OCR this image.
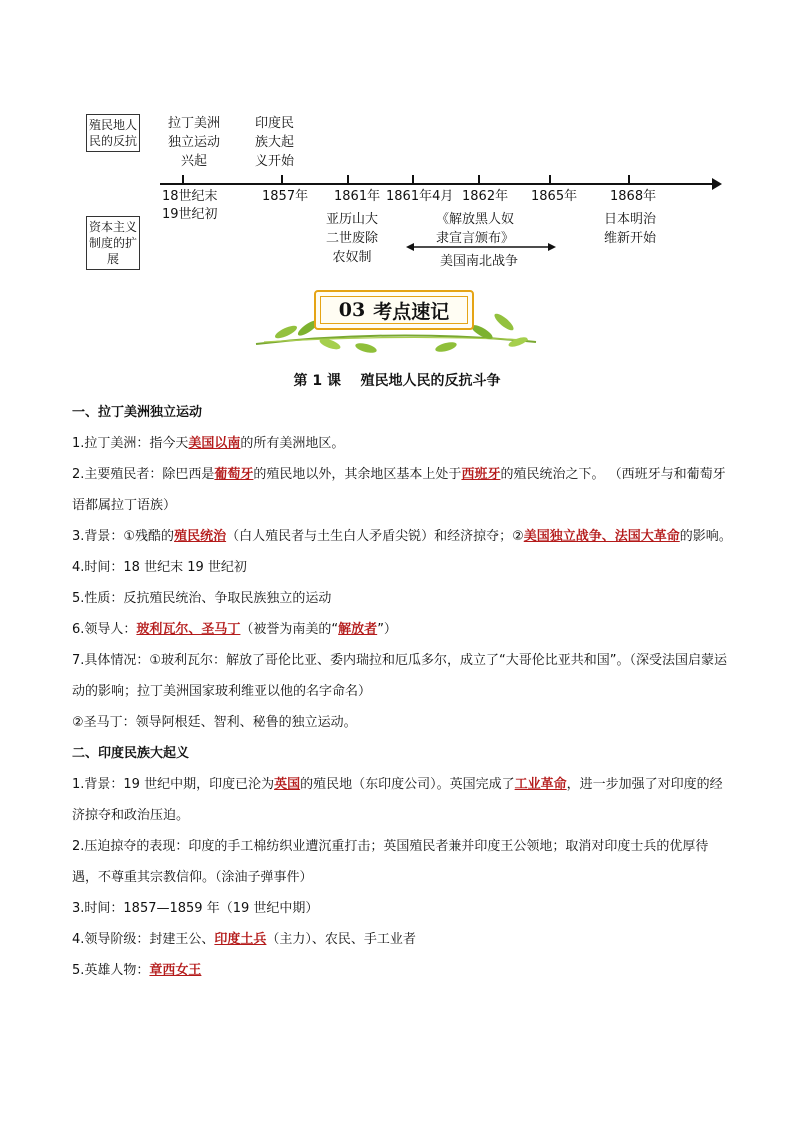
殖民地人民的反抗
资本主义制度的扩展
拉丁美洲
独立运动
兴起
印度民
族大起
义开始
18世纪末
19世纪初
1857年 1861年 1861年4月 1862年 1865年	1868年
亚历山大
二世废除
农奴制
《解放黑人奴
隶宣言颁布》
日本明治
维新开始
美国南北战争
03 考点速记
第 1 课    殖民地人民的反抗斗争

一、拉丁美洲独立运动

1.拉丁美洲：指今天美国以南的所有美洲地区。

2.主要殖民者：除巴西是葡萄牙的殖民地以外，其余地区基本上处于西班牙的殖民统治之下。 （西班牙与和葡萄牙语都属拉丁语族）

3.背景：①残酷的殖民统治（白人殖民者与土生白人矛盾尖锐）和经济掠夺；②美国独立战争、法国大革命的影响。

4.时间：18 世纪末 19 世纪初

5.性质：反抗殖民统治、争取民族独立的运动

6.领导人：玻利瓦尔、圣马丁（被誉为南美的“解放者”）

7.具体情况：①玻利瓦尔：解放了哥伦比亚、委内瑞拉和厄瓜多尔，成立了“大哥伦比亚共和国”。（深受法国启蒙运动的影响；拉丁美洲国家玻利维亚以他的名字命名）

②圣马丁：领导阿根廷、智利、秘鲁的独立运动。

二、印度民族大起义

1.背景：19 世纪中期，印度已沦为英国的殖民地（东印度公司）。英国完成了工业革命，进一步加强了对印度的经济掠夺和政治压迫。

2.压迫掠夺的表现：印度的手工棉纺织业遭沉重打击；英国殖民者兼并印度王公领地；取消对印度士兵的优厚待遇，不尊重其宗教信仰。（涂油子弹事件）

3.时间：1857—1859 年（19 世纪中期）

4.领导阶级：封建王公、印度土兵（主力）、农民、手工业者

5.英雄人物：章西女王
